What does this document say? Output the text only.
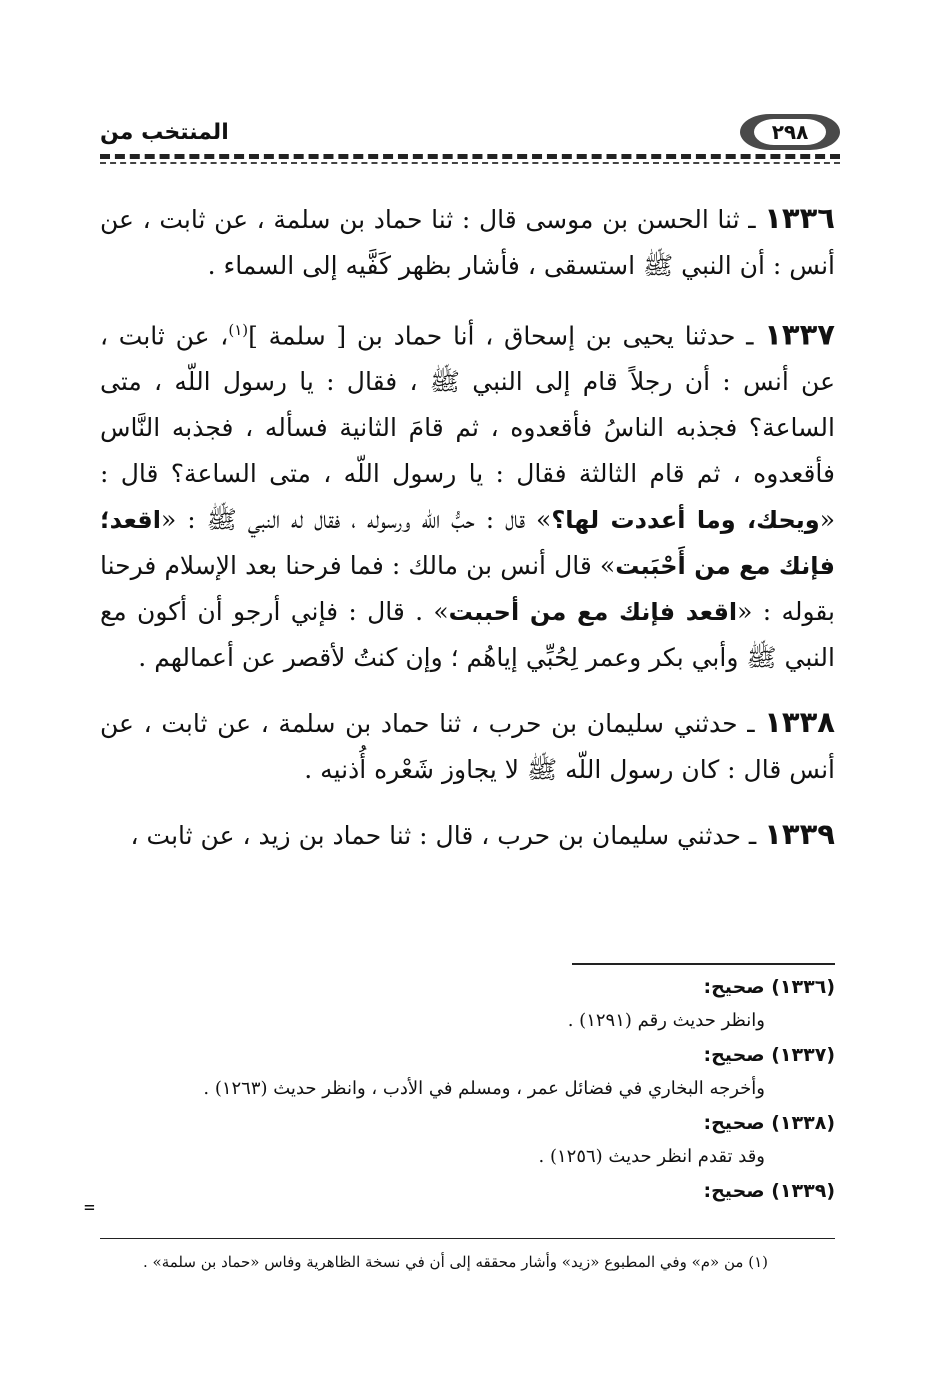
٢٩٨
المنتخب من

١٣٣٦ ـ ثنا الحسن بن موسى قال : ثنا حماد بن سلمة ، عن ثابت ، عن أنس : أن النبي ﷺ استسقى ، فأشار بظهر كَفَّيه إلى السماء .

١٣٣٧ ـ حدثنا يحيى بن إسحاق ، أنا حماد بن [ سلمة ]$^{(١)}$، عن ثابت ، عن أنس : أن رجلاً قام إلى النبي ﷺ ، فقال : يا رسول اللّه ، متى الساعة؟ فجذبه الناسُ فأقعدوه ، ثم قامَ الثانية فسأله ، فجذبه النَّاس فأقعدوه ، ثم قام الثالثة فقال : يا رسول اللّه ، متى الساعة؟ قال : «ويحك، وما أعددت لها؟» قال : حبُّ اللّه ورسوله ، فقال له النبي ﷺ : «اقعد؛ فإنك مع من أَحْبَبت» قال أنس بن مالك : فما فرحنا بعد الإسلام فرحنا بقوله : «اقعد فإنك مع من أحببت» . قال : فإني أرجو أن أكون مع النبي ﷺ وأبي بكر وعمر لِحُبِّي إياهُم ؛ وإن كنتُ لأقصر عن أعمالهم .

١٣٣٨ ـ حدثني سليمان بن حرب ، ثنا حماد بن سلمة ، عن ثابت ، عن أنس قال : كان رسول اللّه ﷺ لا يجاوز شَعْره أُذنيه .

١٣٣٩ ـ حدثني سليمان بن حرب ، قال : ثنا حماد بن زيد ، عن ثابت ،

(١٣٣٦) صحيح:
وانظر حديث رقم (١٢٩١) .
(١٣٣٧) صحيح:
وأخرجه البخاري في فضائل عمر ، ومسلم في الأدب ، وانظر حديث (١٢٦٣) .
(١٣٣٨) صحيح:
وقد تقدم انظر حديث (١٢٥٦) .
(١٣٣٩) صحيح:
=
(١) من «م» وفي المطبوع «زيد» وأشار محققه إلى أن في نسخة الظاهرية وفاس «حماد بن سلمة» .
